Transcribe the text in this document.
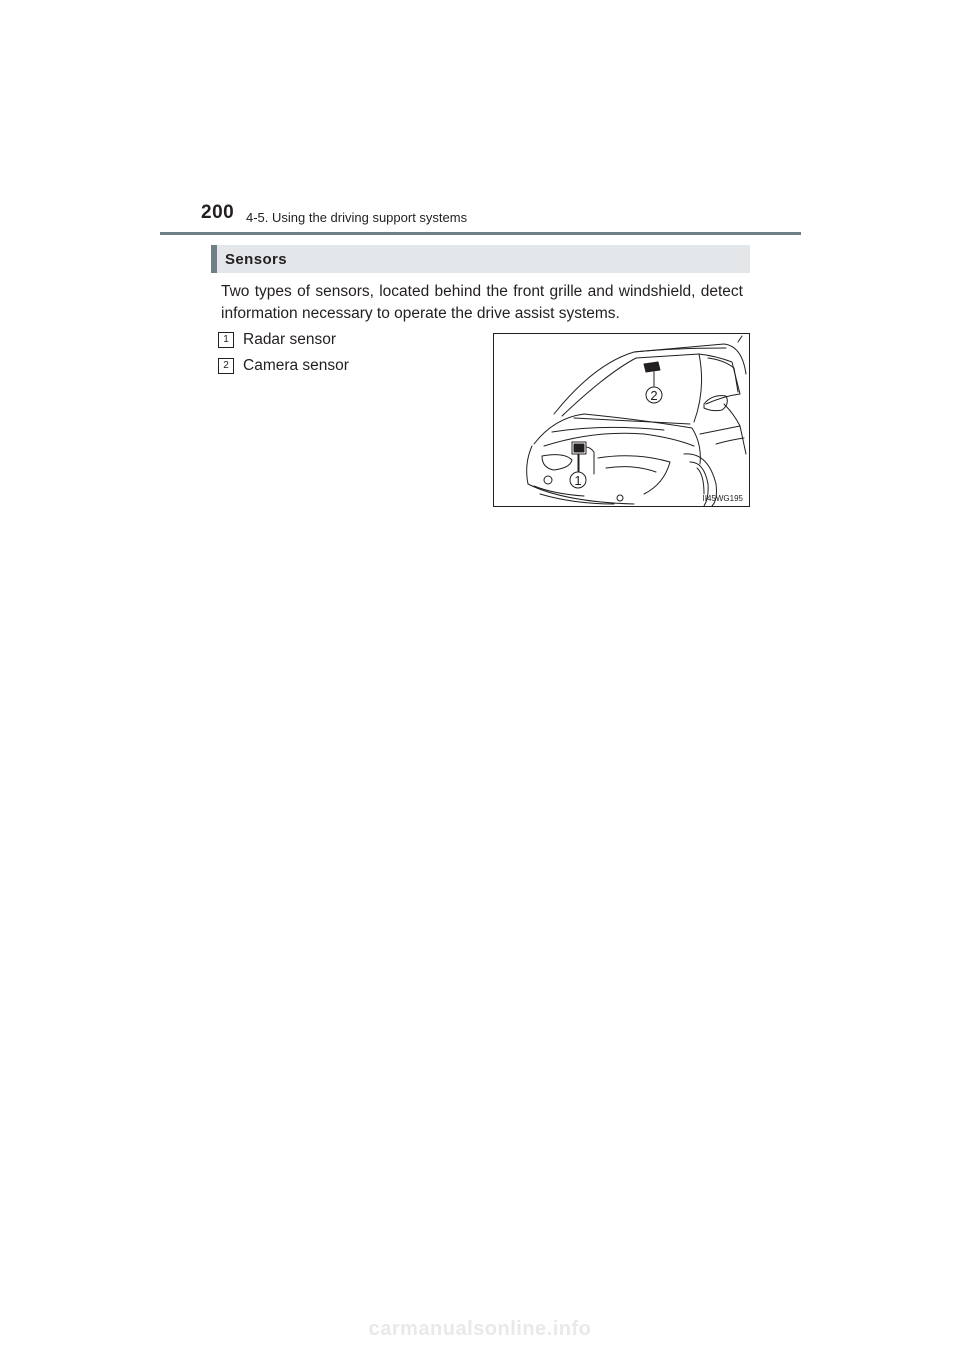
200 4-5. Using the driving support systems
Sensors
Two types of sensors, located behind the front grille and windshield, detect information necessary to operate the drive assist systems.
1 Radar sensor
2 Camera sensor
2
1
II45WG195
carmanualsonline.info
